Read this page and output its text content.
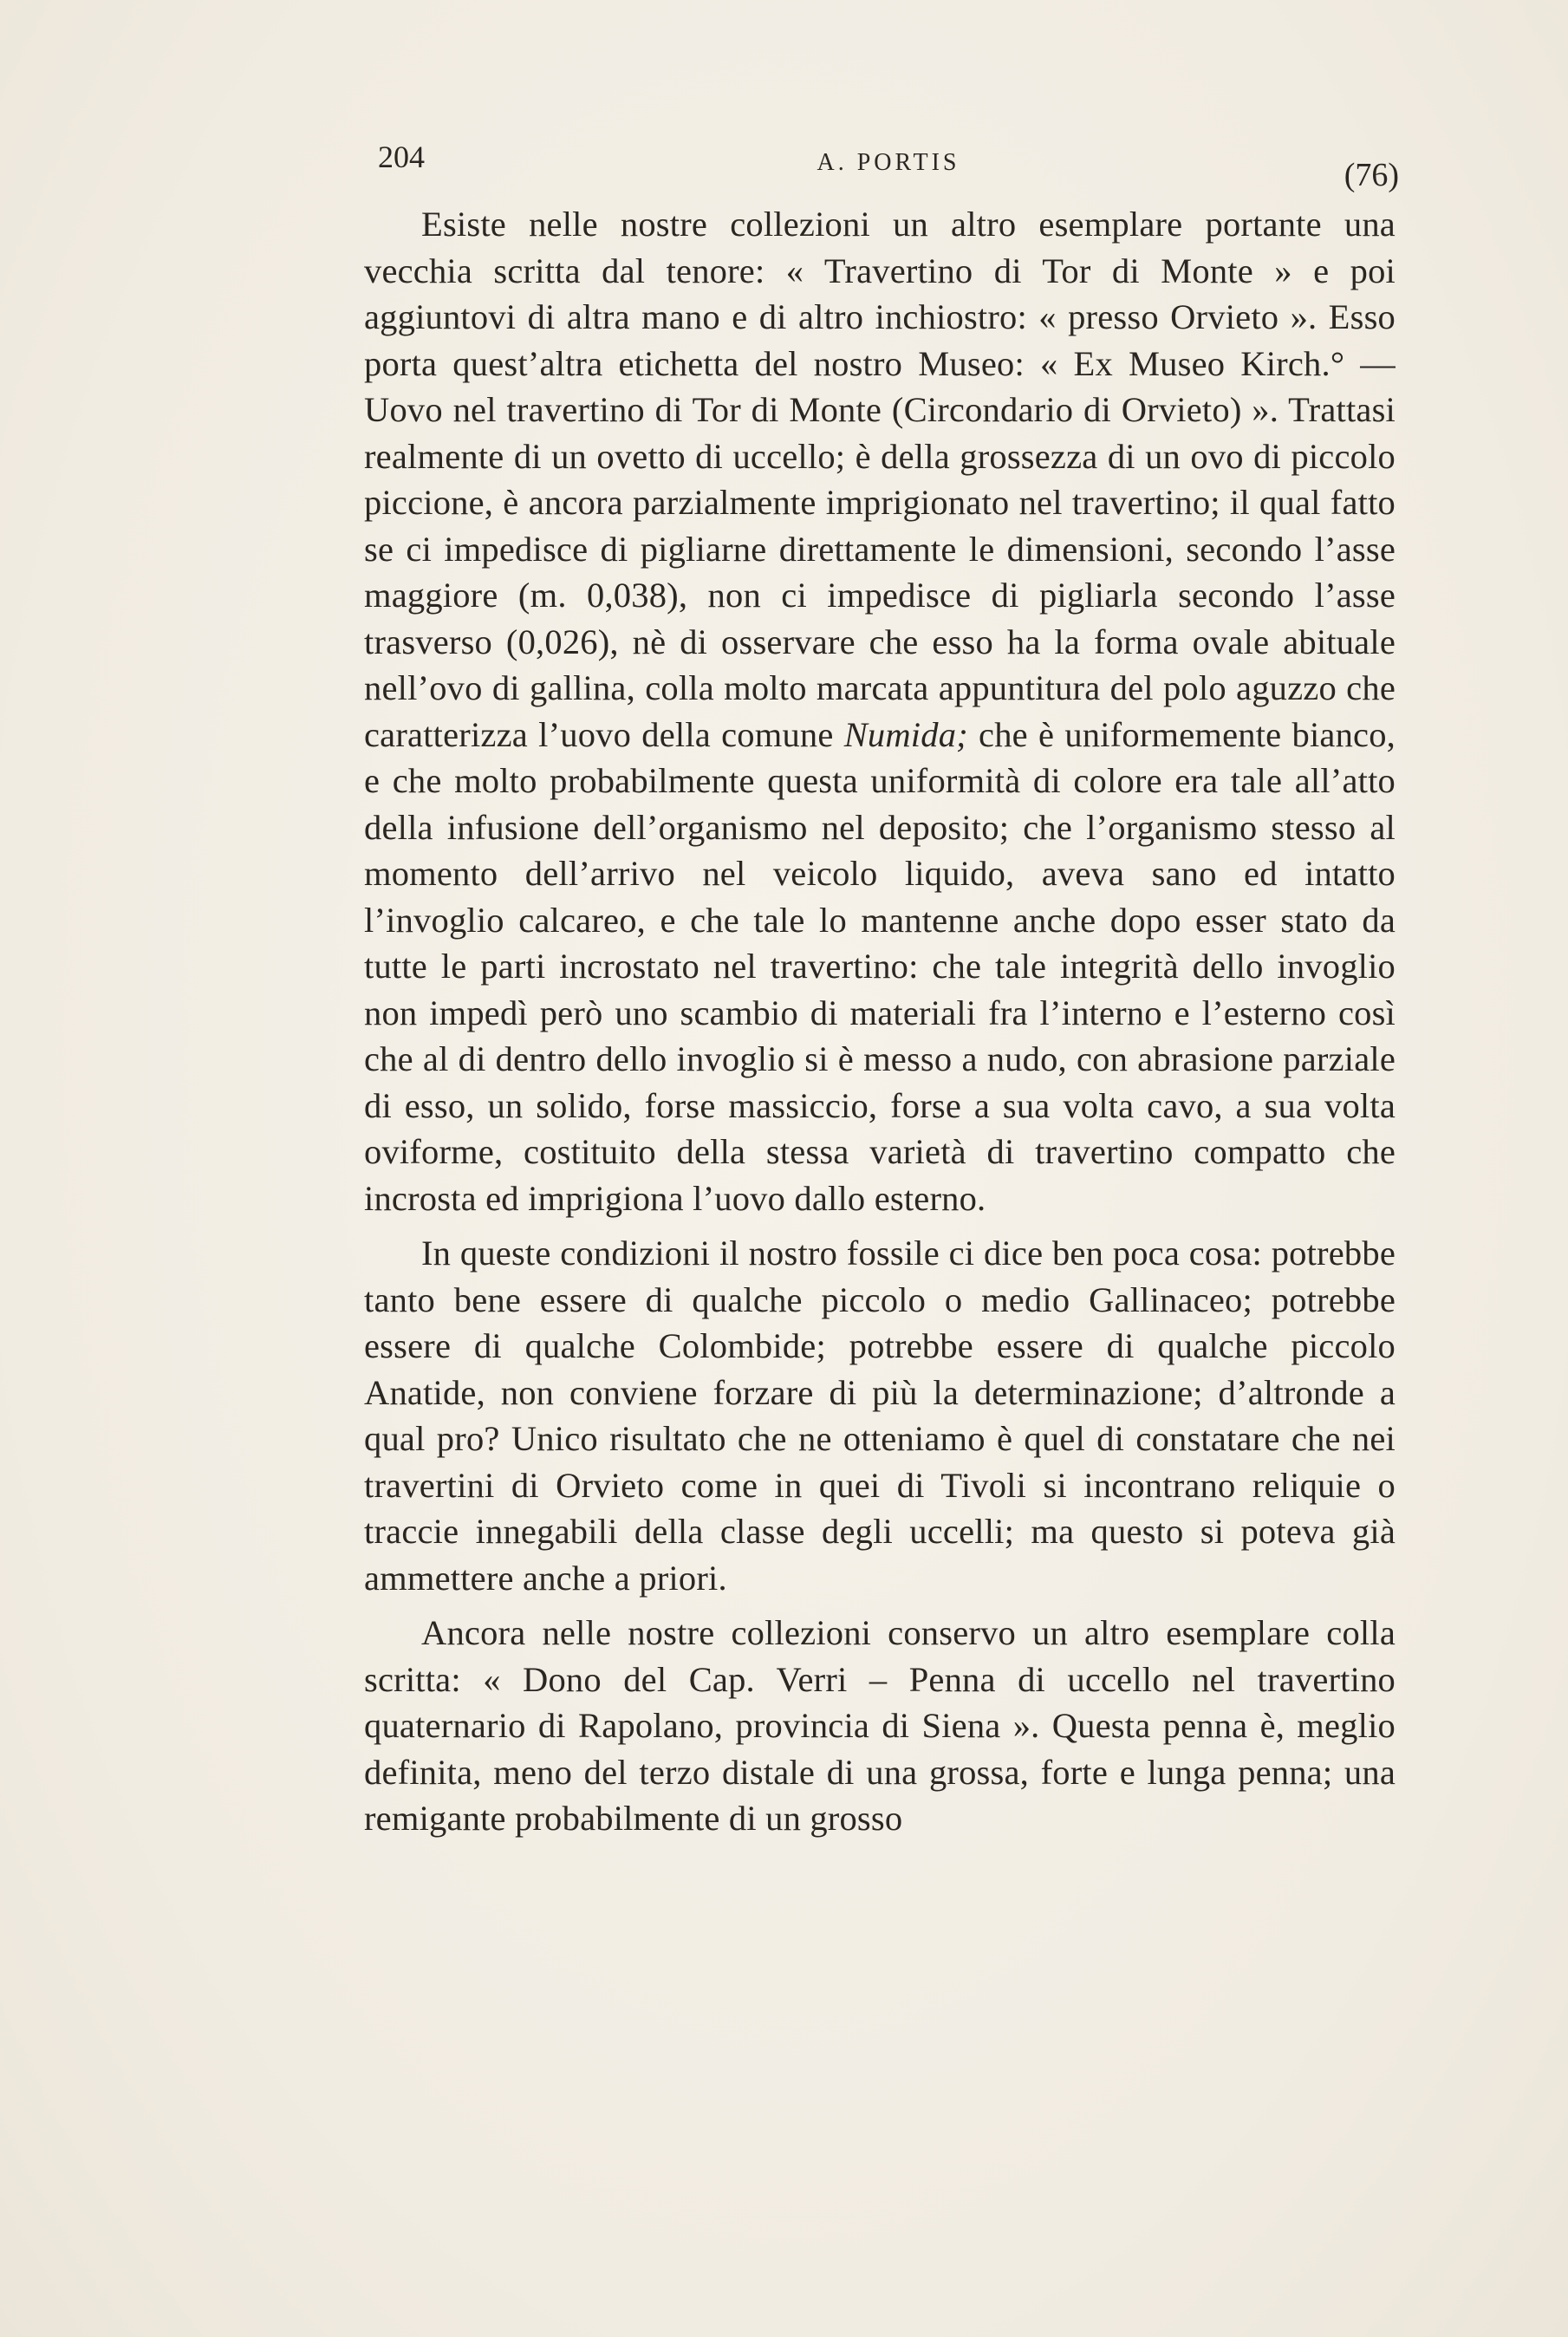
204	A. PORTIS	(76)

Esiste nelle nostre collezioni un altro esemplare portante una vecchia scritta dal tenore: « Travertino di Tor di Monte » e poi aggiuntovi di altra mano e di altro inchiostro: « presso Orvieto ». Esso porta quest’altra etichetta del nostro Museo: « Ex Museo Kirch.° — Uovo nel travertino di Tor di Monte (Circondario di Orvieto) ». Trattasi realmente di un ovetto di uccello; è della grossezza di un ovo di piccolo piccione, è ancora parzialmente imprigionato nel travertino; il qual fatto se ci impedisce di pigliarne direttamente le dimensioni, secondo l’asse maggiore (m. 0,038), non ci impedisce di pigliarla secondo l’asse trasverso (0,026), nè di osservare che esso ha la forma ovale abituale nell’ovo di gallina, colla molto marcata appuntitura del polo aguzzo che caratterizza l’uovo della comune Numida; che è uniformemente bianco, e che molto probabilmente questa uniformità di colore era tale all’atto della infusione dell’organismo nel deposito; che l’organismo stesso al momento dell’arrivo nel veicolo liquido, aveva sano ed intatto l’invoglio calcareo, e che tale lo mantenne anche dopo esser stato da tutte le parti incrostato nel travertino: che tale integrità dello invoglio non impedì però uno scambio di materiali fra l’interno e l’esterno così che al di dentro dello invoglio si è messo a nudo, con abrasione parziale di esso, un solido, forse massiccio, forse a sua volta cavo, a sua volta oviforme, costituito della stessa varietà di travertino compatto che incrosta ed imprigiona l’uovo dallo esterno.

In queste condizioni il nostro fossile ci dice ben poca cosa: potrebbe tanto bene essere di qualche piccolo o medio Gallinaceo; potrebbe essere di qualche Colombide; potrebbe essere di qualche piccolo Anatide, non conviene forzare di più la determinazione; d’altronde a qual pro? Unico risultato che ne otteniamo è quel di constatare che nei travertini di Orvieto come in quei di Tivoli si incontrano reliquie o traccie innegabili della classe degli uccelli; ma questo si poteva già ammettere anche a priori.

Ancora nelle nostre collezioni conservo un altro esemplare colla scritta: « Dono del Cap. Verri – Penna di uccello nel travertino quaternario di Rapolano, provincia di Siena ». Questa penna è, meglio definita, meno del terzo distale di una grossa, forte e lunga penna; una remigante probabilmente di un grosso
